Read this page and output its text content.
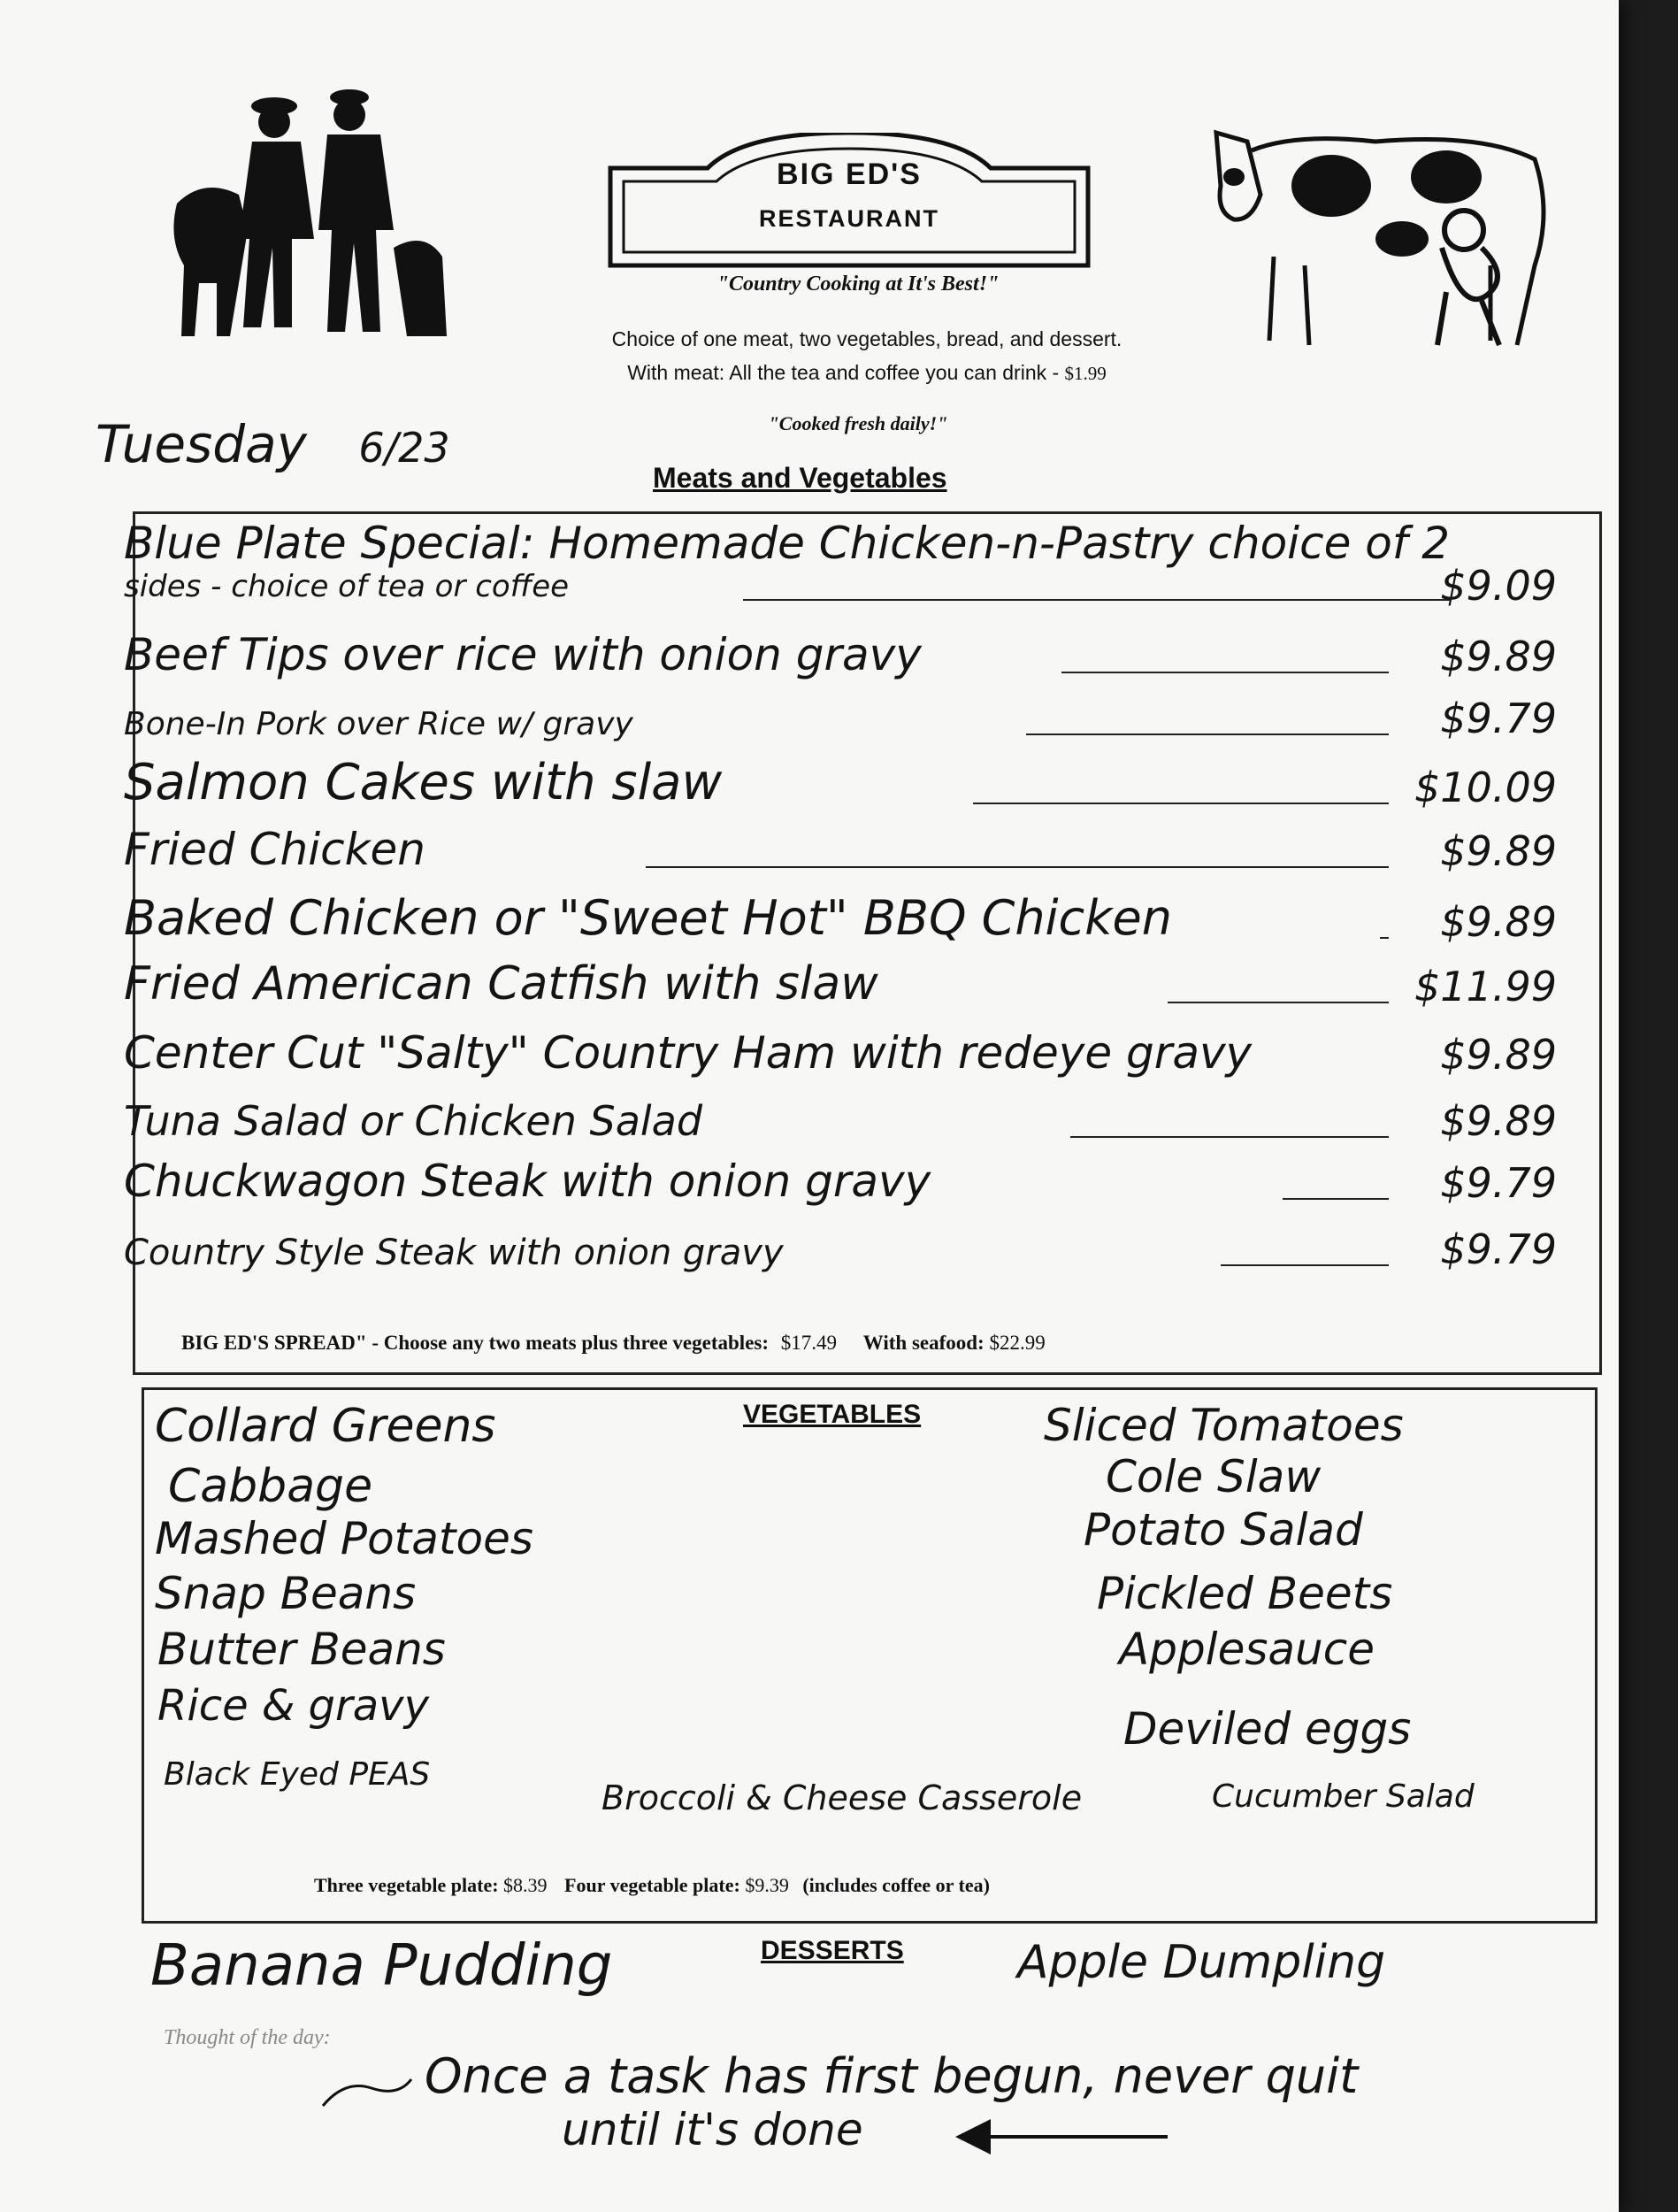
BIG ED'S
RESTAURANT
"Country Cooking at It's Best!"
Choice of one meat, two vegetables, bread, and dessert.
With meat: All the tea and coffee you can drink - $1.99
"Cooked fresh daily!"
Tuesday 6/23
Meats and Vegetables
Blue Plate Special: Homemade Chicken-n-Pastry choice of 2
sides - choice of tea or coffee	$9.09
Beef Tips over rice with onion gravy	$9.89
Bone-In Pork over Rice w/ gravy	$9.79
Salmon Cakes with slaw	$10.09
Fried Chicken	$9.89
Baked Chicken or "Sweet Hot" BBQ Chicken	$9.89
Fried American Catfish with slaw	$11.99
Center Cut "Salty" Country Ham with redeye gravy	$9.89
Tuna Salad or Chicken Salad	$9.89
Chuckwagon Steak with onion gravy	$9.79
Country Style Steak with onion gravy	$9.79
BIG ED'S SPREAD" - Choose any two meats plus three vegetables: $17.49 With seafood: $22.99
VEGETABLES
Collard Greens
Cabbage
Mashed Potatoes
Snap Beans
Butter Beans
Rice & gravy
Black Eyed PEAS
Sliced Tomatoes
Cole Slaw
Potato Salad
Pickled Beets
Applesauce
Deviled eggs
Broccoli & Cheese Casserole	Cucumber Salad
Three vegetable plate: $8.39 Four vegetable plate: $9.39 (includes coffee or tea)
Banana Pudding	DESSERTS Apple Dumpling
Thought of the day:
Once a task has first begun, never quit
until it's done
